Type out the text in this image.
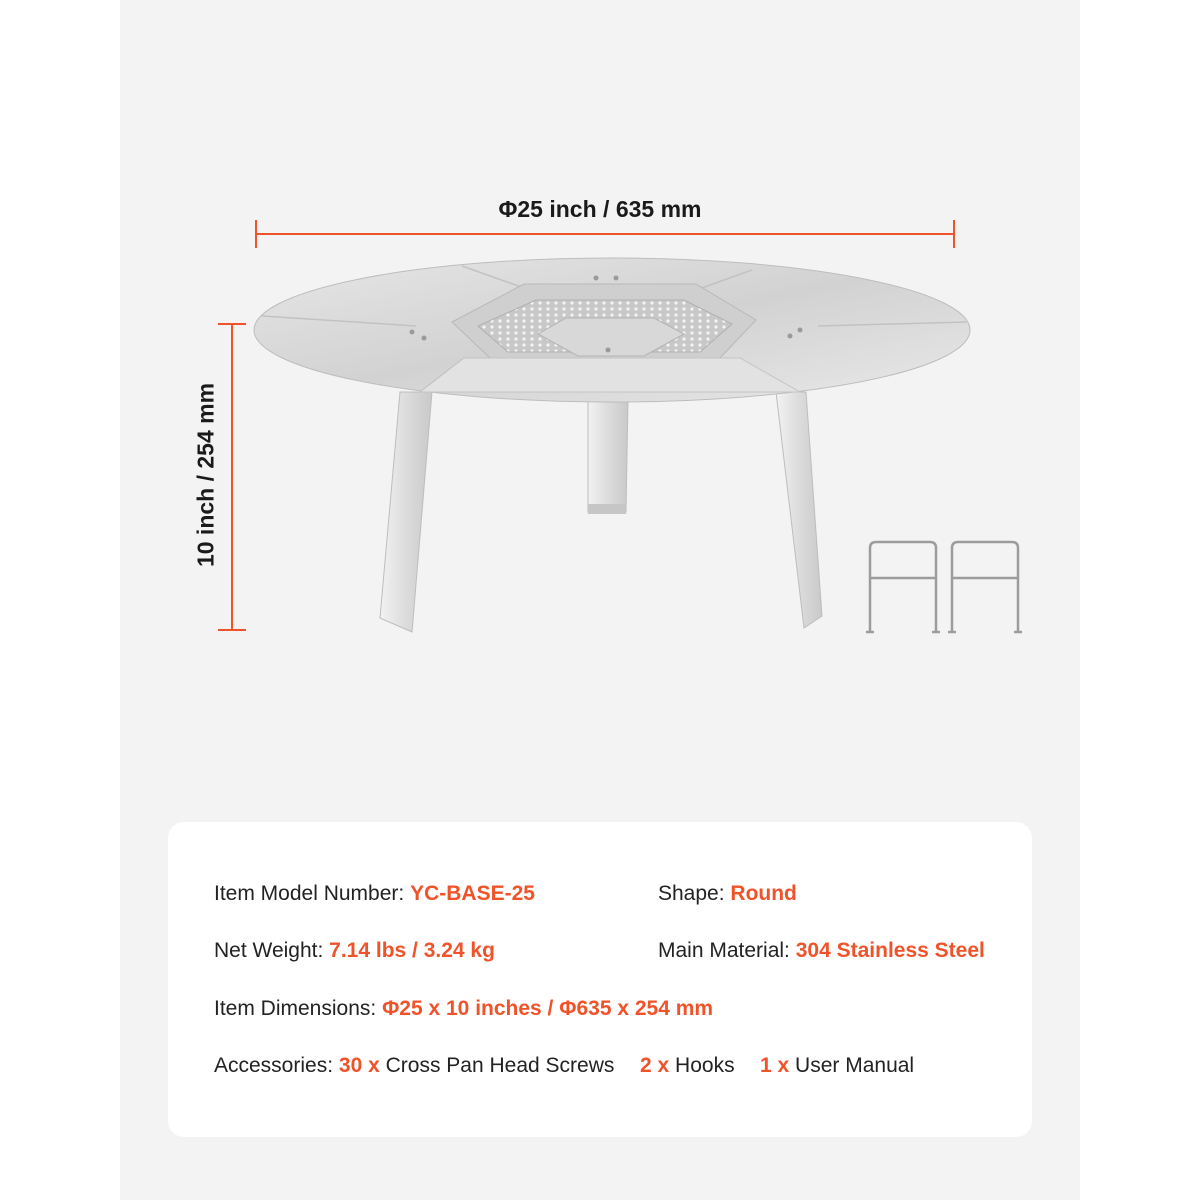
Φ25 inch / 635 mm
10 inch / 254 mm
Item Model Number: YC-BASE-25	Shape: Round
Net Weight: 7.14 lbs / 3.24 kg	Main Material: 304 Stainless Steel
Item Dimensions: Φ25 x 10 inches / Φ635 x 254 mm
Accessories: 30 x Cross Pan Head Screws 2 x Hooks 1 x User Manual
